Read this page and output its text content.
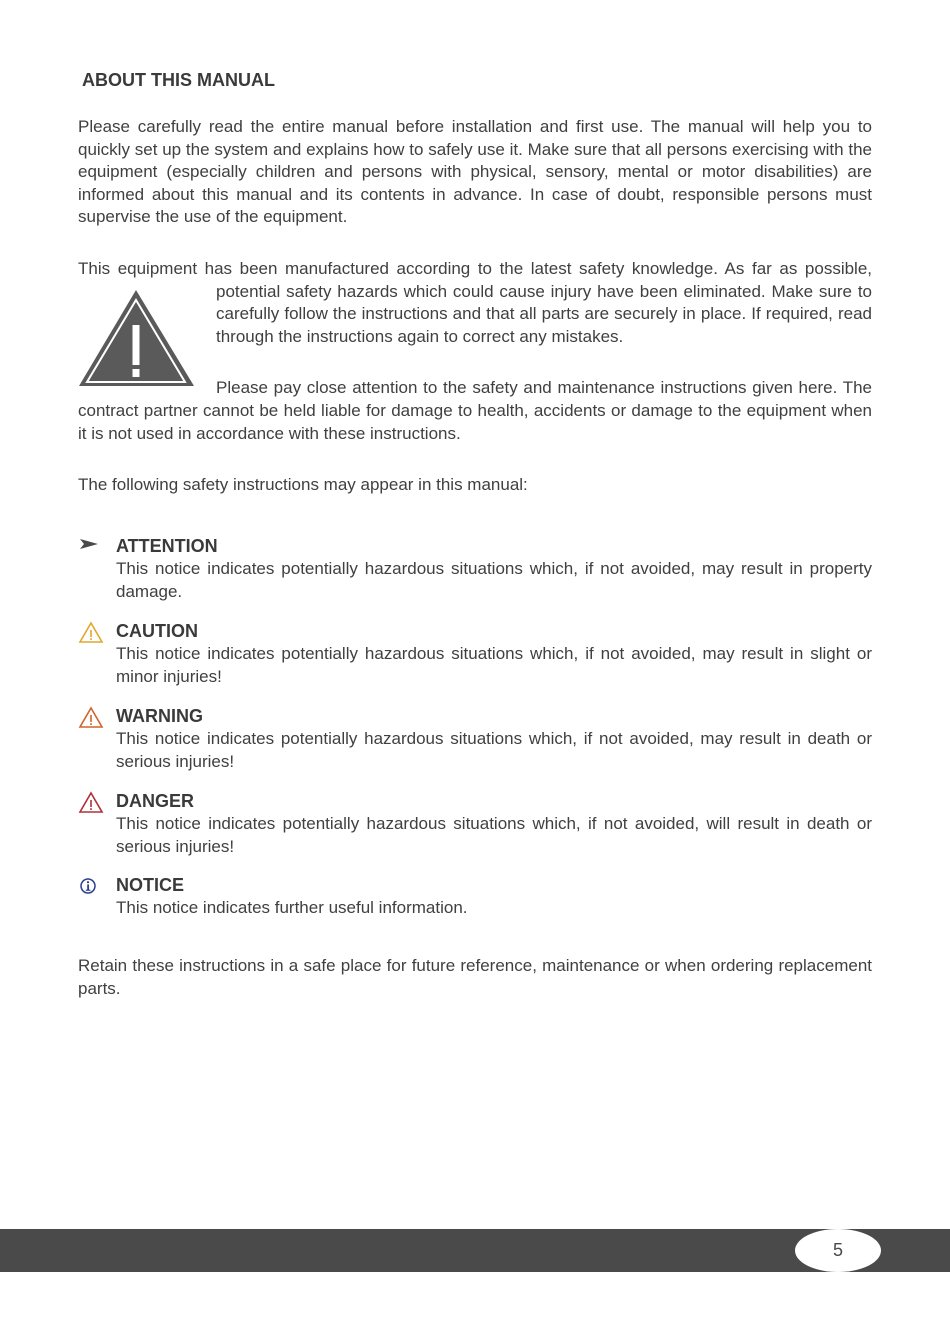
ABOUT THIS MANUAL

Please carefully read the entire manual before installation and first use. The manual will help you to quickly set up the system and explains how to safely use it. Make sure that all persons exercising with the equipment (especially children and persons with physical, sensory, mental or motor disabilities) are informed about this manual and its contents in advance. In case of doubt, responsible persons must supervise the use of the equipment.

This equipment has been manufactured according to the latest safety knowledge. As far as possible,
potential safety hazards which could cause injury have been eliminated. Make sure to carefully follow the instructions and that all parts are securely in place. If required, read through the instructions again to correct any mistakes.
Please pay close attention to the safety and maintenance instructions given here. The contract partner cannot be held liable for damage to health, accidents or damage to the equipment when it is not used in accordance with these instructions.

The following safety instructions may appear in this manual:

ATTENTION

This notice indicates potentially hazardous situations which, if not avoided, may result in property damage.

CAUTION

This notice indicates potentially hazardous situations which, if not avoided, may result in slight or minor injuries!

WARNING

This notice indicates potentially hazardous situations which, if not avoided, may result in death or serious injuries!

DANGER

This notice indicates potentially hazardous situations which, if not avoided, will result in death or serious injuries!

NOTICE

This notice indicates further useful information.

Retain these instructions in a safe place for future reference, maintenance or when ordering replacement parts.

5
